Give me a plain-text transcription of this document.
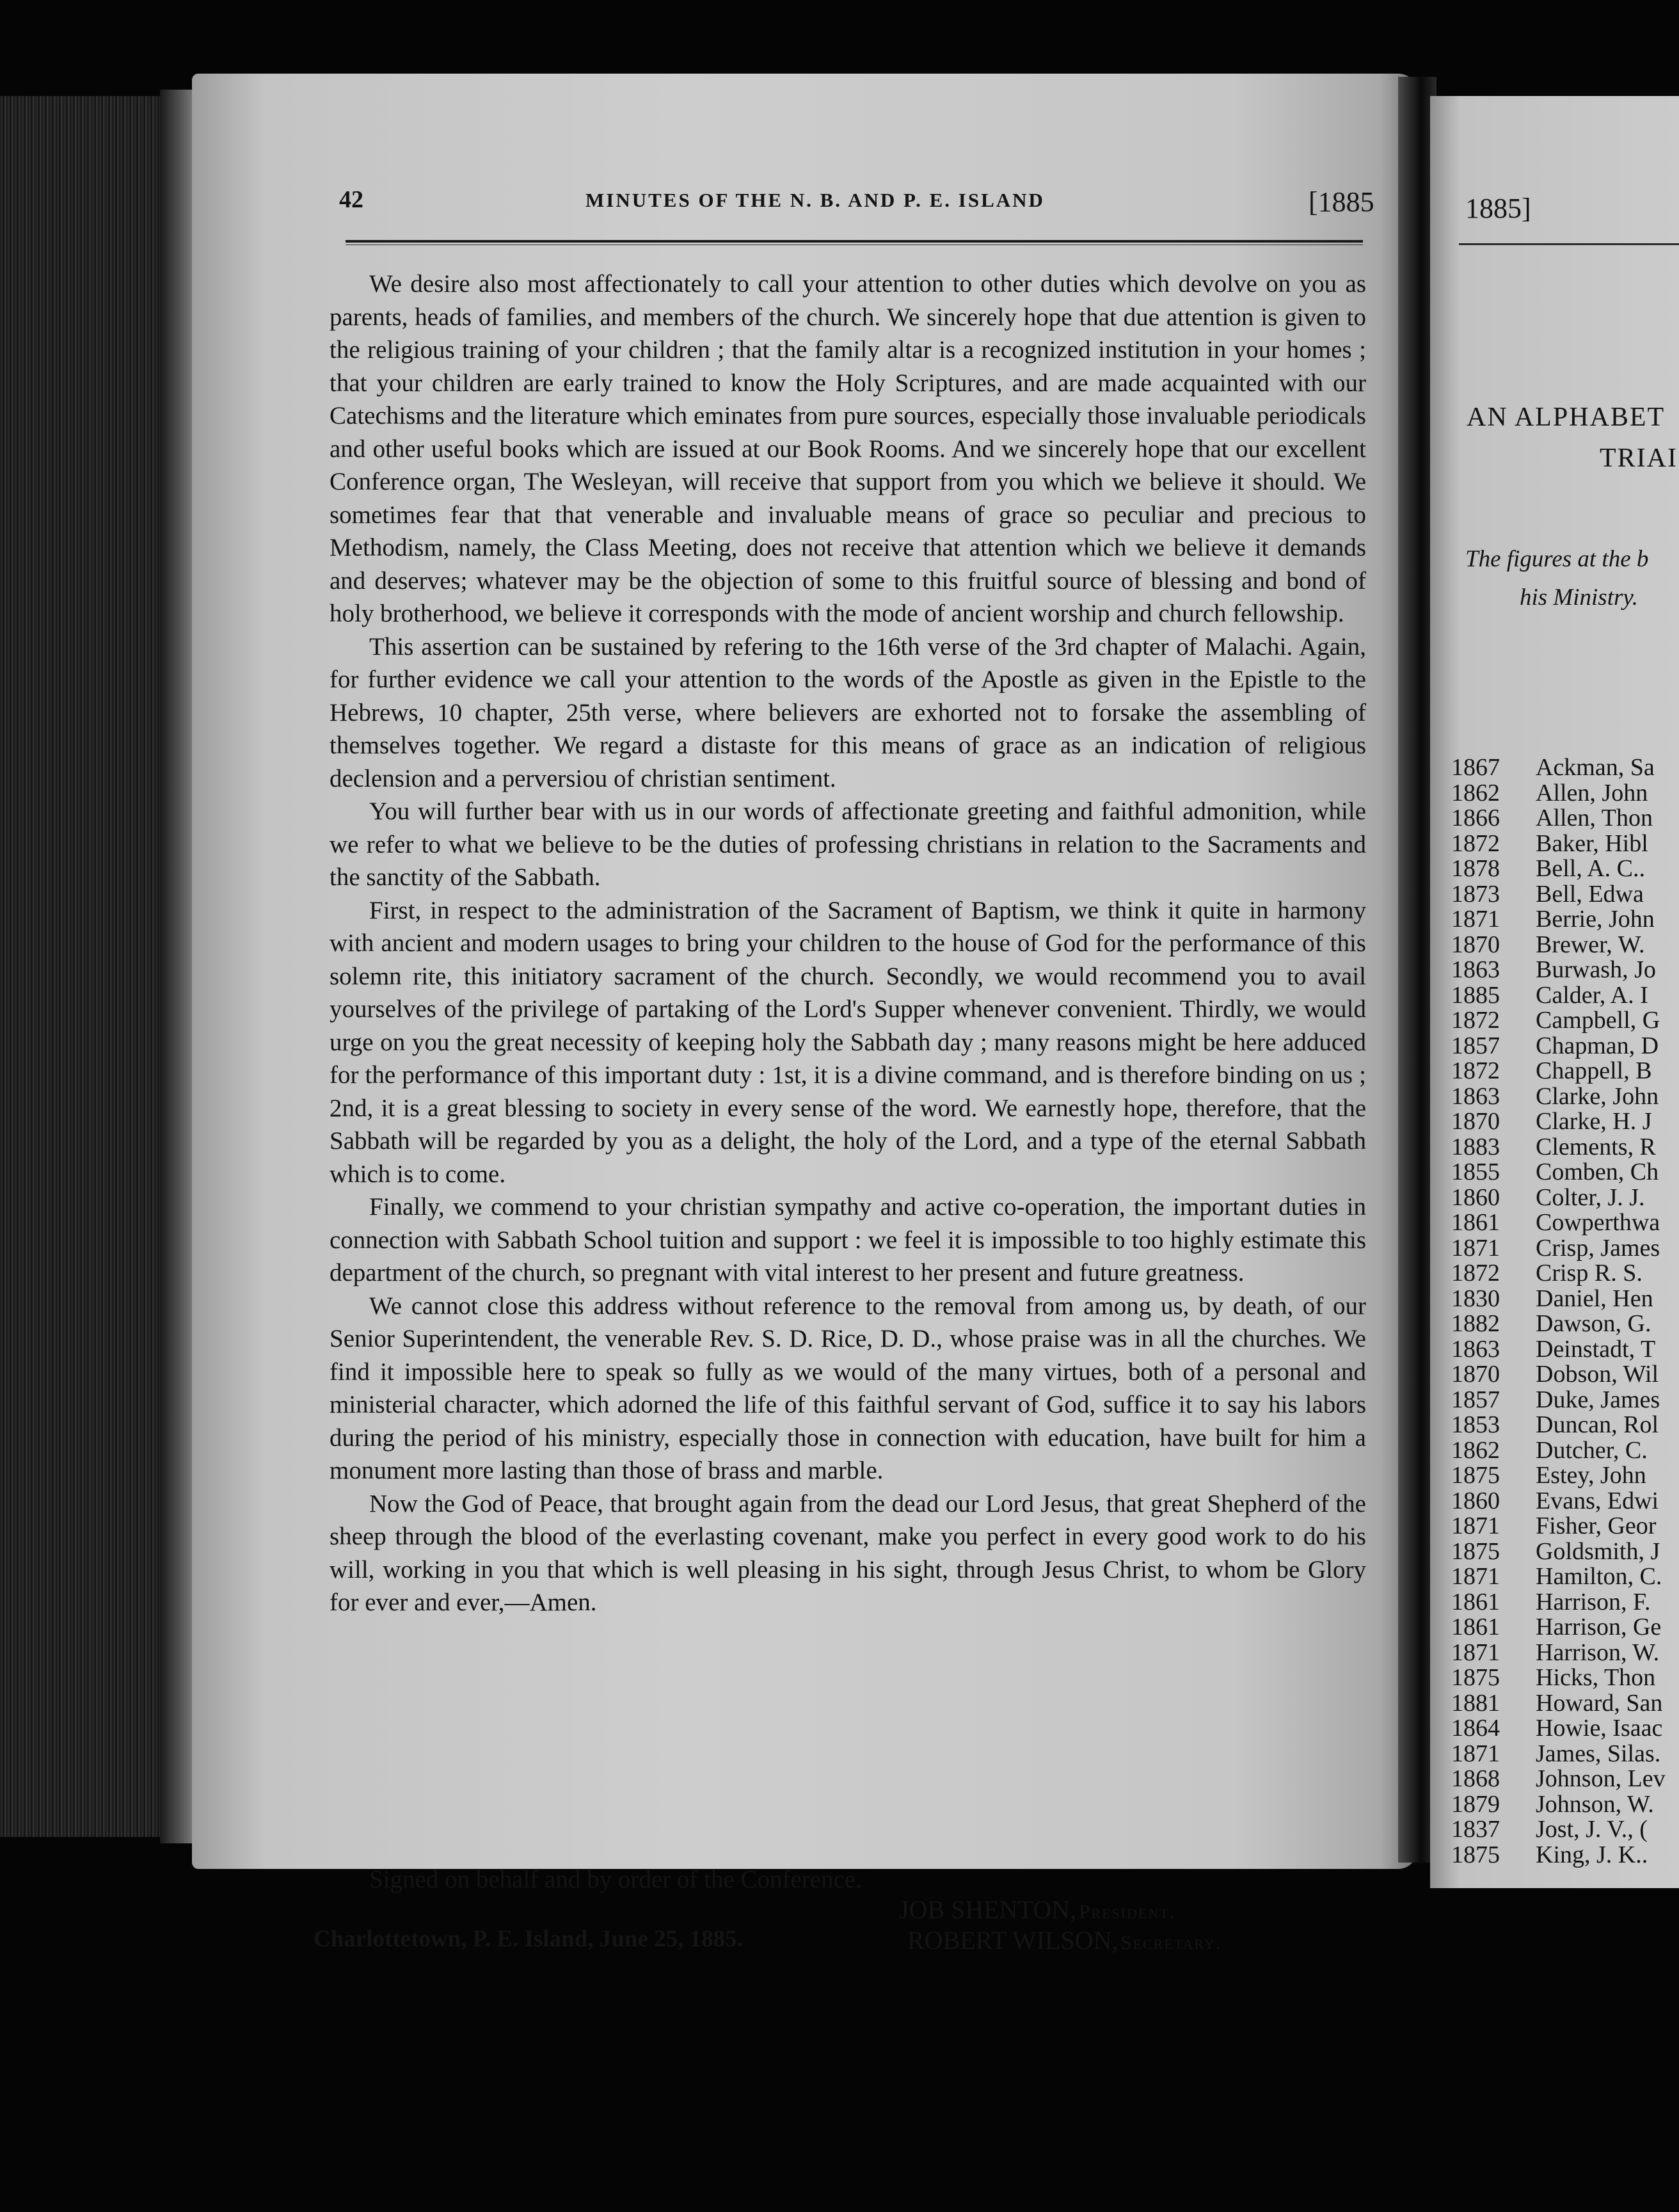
42	MINUTES OF THE N. B. AND P. E. ISLAND	[1885

We desire also most affectionately to call your attention to other duties which devolve on you as parents, heads of families, and members of the church. We sincerely hope that due attention is given to the religious training of your children ; that the family altar is a recognized institution in your homes ; that your children are early trained to know the Holy Scriptures, and are made acquainted with our Catechisms and the literature which eminates from pure sources, especially those invaluable periodicals and other useful books which are issued at our Book Rooms. And we sincerely hope that our excellent Conference organ, The Wesleyan, will receive that support from you which we believe it should. We sometimes fear that that venerable and invaluable means of grace so peculiar and precious to Methodism, namely, the Class Meeting, does not receive that attention which we believe it demands and deserves; whatever may be the objection of some to this fruitful source of blessing and bond of holy brotherhood, we believe it corresponds with the mode of ancient worship and church fellowship.

This assertion can be sustained by refering to the 16th verse of the 3rd chapter of Malachi. Again, for further evidence we call your attention to the words of the Apostle as given in the Epistle to the Hebrews, 10 chapter, 25th verse, where believers are exhorted not to forsake the assembling of themselves together. We regard a distaste for this means of grace as an indication of religious declension and a perversiou of christian sentiment.

You will further bear with us in our words of affectionate greeting and faithful admonition, while we refer to what we believe to be the duties of professing christians in relation to the Sacraments and the sanctity of the Sabbath.

First, in respect to the administration of the Sacrament of Baptism, we think it quite in harmony with ancient and modern usages to bring your children to the house of God for the performance of this solemn rite, this initiatory sacrament of the church. Secondly, we would recommend you to avail yourselves of the privilege of partaking of the Lord's Supper whenever convenient. Thirdly, we would urge on you the great necessity of keeping holy the Sabbath day ; many reasons might be here adduced for the performance of this important duty : 1st, it is a divine command, and is therefore binding on us ; 2nd, it is a great blessing to society in every sense of the word. We earnestly hope, therefore, that the Sabbath will be regarded by you as a delight, the holy of the Lord, and a type of the eternal Sabbath which is to come.

Finally, we commend to your christian sympathy and active co-operation, the important duties in connection with Sabbath School tuition and support : we feel it is impossible to too highly estimate this department of the church, so pregnant with vital interest to her present and future greatness.

We cannot close this address without reference to the removal from among us, by death, of our Senior Superintendent, the venerable Rev. S. D. Rice, D. D., whose praise was in all the churches. We find it impossible here to speak so fully as we would of the many virtues, both of a personal and ministerial character, which adorned the life of this faithful servant of God, suffice it to say his labors during the period of his ministry, especially those in connection with education, have built for him a monument more lasting than those of brass and marble.

Now the God of Peace, that brought again from the dead our Lord Jesus, that great Shepherd of the sheep through the blood of the everlasting covenant, make you perfect in every good work to do his will, working in you that which is well pleasing in his sight, through Jesus Christ, to whom be Glory for ever and ever,—Amen.

Signed on behalf and by order of the Conference.
Charlottetown, P. E. Island, June 25, 1885.
JOB SHENTON, President.
ROBERT WILSON, Secretary.
1885]
AN ALPHABET
TRIAI
The figures at the b
his Ministry.
1867 Ackman, Sa
1862 Allen, John
1866 Allen, Thon
1872 Baker, Hibl
1878 Bell, A. C..
1873 Bell, Edwa
1871 Berrie, John
1870 Brewer, W.
1863 Burwash, Jo
1885 Calder, A. I
1872 Campbell, G
1857 Chapman, D
1872 Chappell, B
1863 Clarke, John
1870 Clarke, H. J
1883 Clements, R
1855 Comben, Ch
1860 Colter, J. J.
1861 Cowperthwa
1871 Crisp, James
1872 Crisp R. S.
1830 Daniel, Hen
1882 Dawson, G.
1863 Deinstadt, T
1870 Dobson, Wil
1857 Duke, James
1853 Duncan, Rol
1862 Dutcher, C.
1875 Estey, John
1860 Evans, Edwi
1871 Fisher, Geor
1875 Goldsmith, J
1871 Hamilton, C.
1861 Harrison, F.
1861 Harrison, Ge
1871 Harrison, W.
1875 Hicks, Thon
1881 Howard, San
1864 Howie, Isaac
1871 James, Silas.
1868 Johnson, Lev
1879 Johnson, W.
1837 Jost, J. V., (
1875 King, J. K..
